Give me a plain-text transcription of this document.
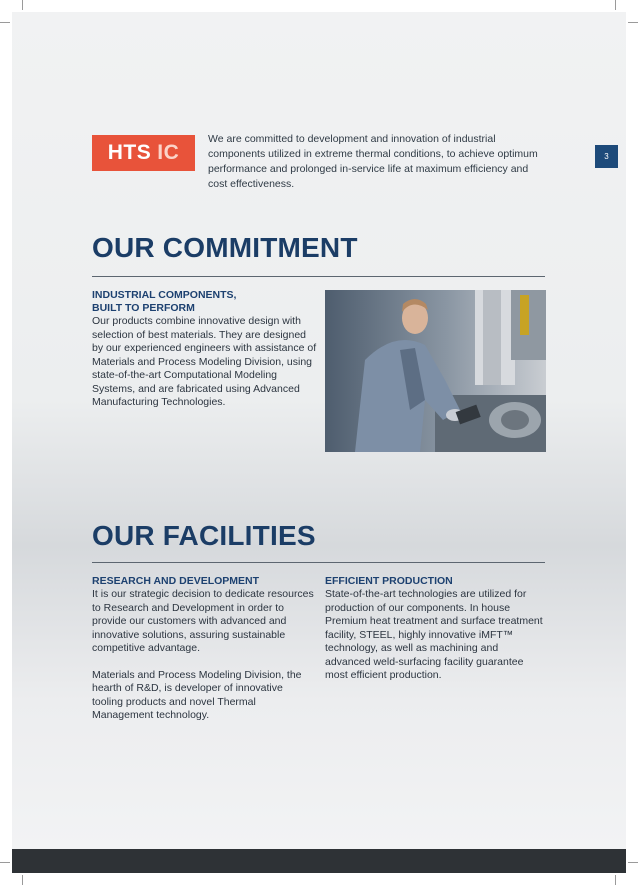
HTS IC
We are committed to development and innovation of industrial components utilized in extreme thermal conditions, to achieve optimum performance and prolonged in-service life at maximum efficiency and cost effectiveness.
3
OUR COMMITMENT
INDUSTRIAL COMPONENTS,
BUILT TO PERFORM
Our products combine innovative design with selection of best materials. They are designed by our experienced engineers with assistance of Materials and Process Modeling Division, using state-of-the-art Computational Modeling Systems, and are fabricated using Advanced Manufacturing Technologies.
OUR FACILITIES
RESEARCH AND DEVELOPMENT
It is our strategic decision to dedicate resources to Research and Development in order to provide our customers with advanced and innovative solutions, assuring sustainable competitive advantage.
Materials and Process Modeling Division, the hearth of R&D, is developer of innovative tooling products and novel Thermal Management technology.
EFFICIENT PRODUCTION
State-of-the-art technologies are utilized for production of our components. In house Premium heat treatment and surface treatment facility, STEEL, highly innovative iMFT™ technology, as well as machining and advanced weld-surfacing facility guarantee most efficient production.
